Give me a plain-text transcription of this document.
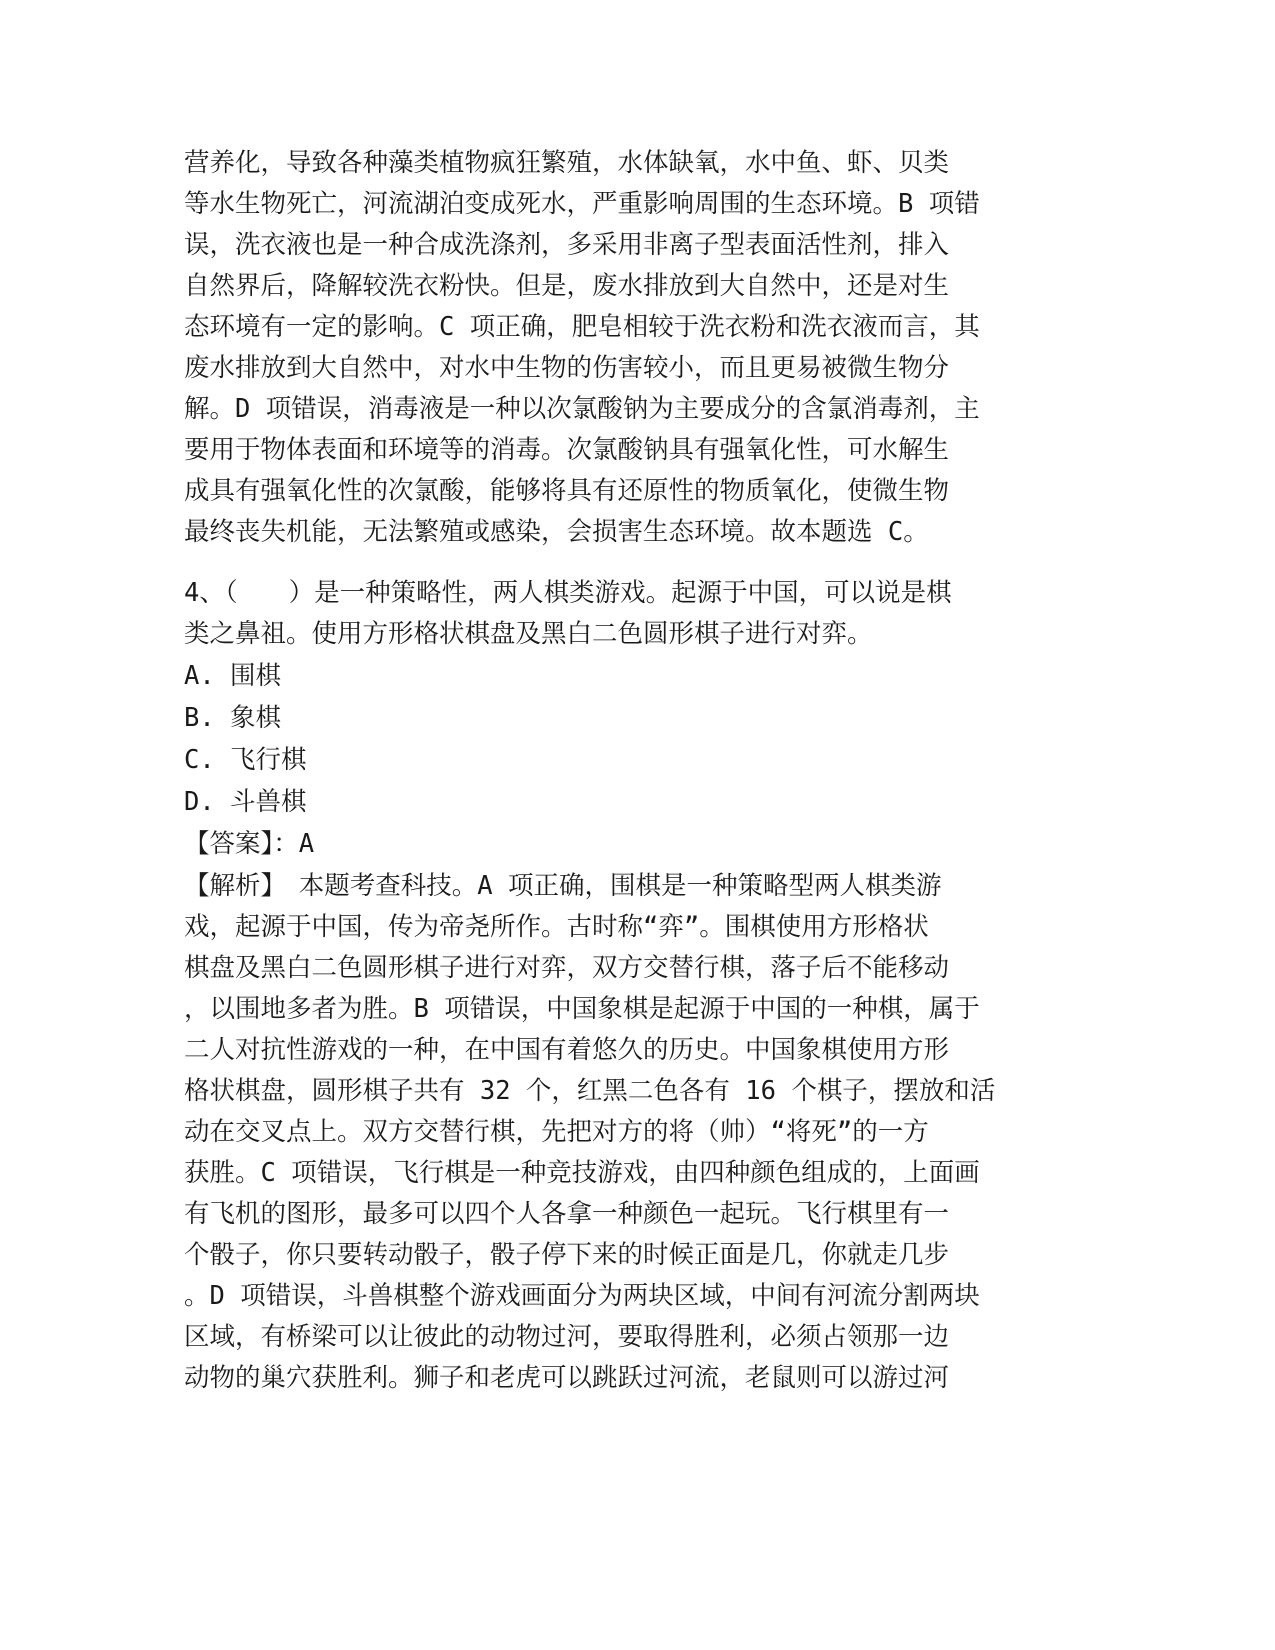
营养化，导致各种藻类植物疯狂繁殖，水体缺氧，水中鱼、虾、贝类
等水生物死亡，河流湖泊变成死水，严重影响周围的生态环境。B 项错
误，洗衣液也是一种合成洗涤剂，多采用非离子型表面活性剂，排入
自然界后，降解较洗衣粉快。但是，废水排放到大自然中，还是对生
态环境有一定的影响。C 项正确，肥皂相较于洗衣粉和洗衣液而言，其
废水排放到大自然中，对水中生物的伤害较小，而且更易被微生物分
解。D 项错误，消毒液是一种以次氯酸钠为主要成分的含氯消毒剂，主
要用于物体表面和环境等的消毒。次氯酸钠具有强氧化性，可水解生
成具有强氧化性的次氯酸，能够将具有还原性的物质氧化，使微生物
最终丧失机能，无法繁殖或感染，会损害生态环境。故本题选 C。
4、（　　）是一种策略性，两人棋类游戏。起源于中国，可以说是棋
类之鼻祖。使用方形格状棋盘及黑白二色圆形棋子进行对弈。
A. 围棋
B. 象棋
C. 飞行棋
D. 斗兽棋
【答案】：A
【解析】　本题考查科技。A 项正确，围棋是一种策略型两人棋类游
戏，起源于中国，传为帝尧所作。古时称“弈”。围棋使用方形格状
棋盘及黑白二色圆形棋子进行对弈，双方交替行棋，落子后不能移动
，以围地多者为胜。B 项错误，中国象棋是起源于中国的一种棋，属于
二人对抗性游戏的一种，在中国有着悠久的历史。中国象棋使用方形
格状棋盘，圆形棋子共有 32 个，红黑二色各有 16 个棋子，摆放和活
动在交叉点上。双方交替行棋，先把对方的将（帅）“将死”的一方
获胜。C 项错误，飞行棋是一种竞技游戏，由四种颜色组成的，上面画
有飞机的图形，最多可以四个人各拿一种颜色一起玩。飞行棋里有一
个骰子，你只要转动骰子，骰子停下来的时候正面是几，你就走几步
。D 项错误，斗兽棋整个游戏画面分为两块区域，中间有河流分割两块
区域，有桥梁可以让彼此的动物过河，要取得胜利，必须占领那一边
动物的巢穴获胜利。狮子和老虎可以跳跃过河流，老鼠则可以游过河
